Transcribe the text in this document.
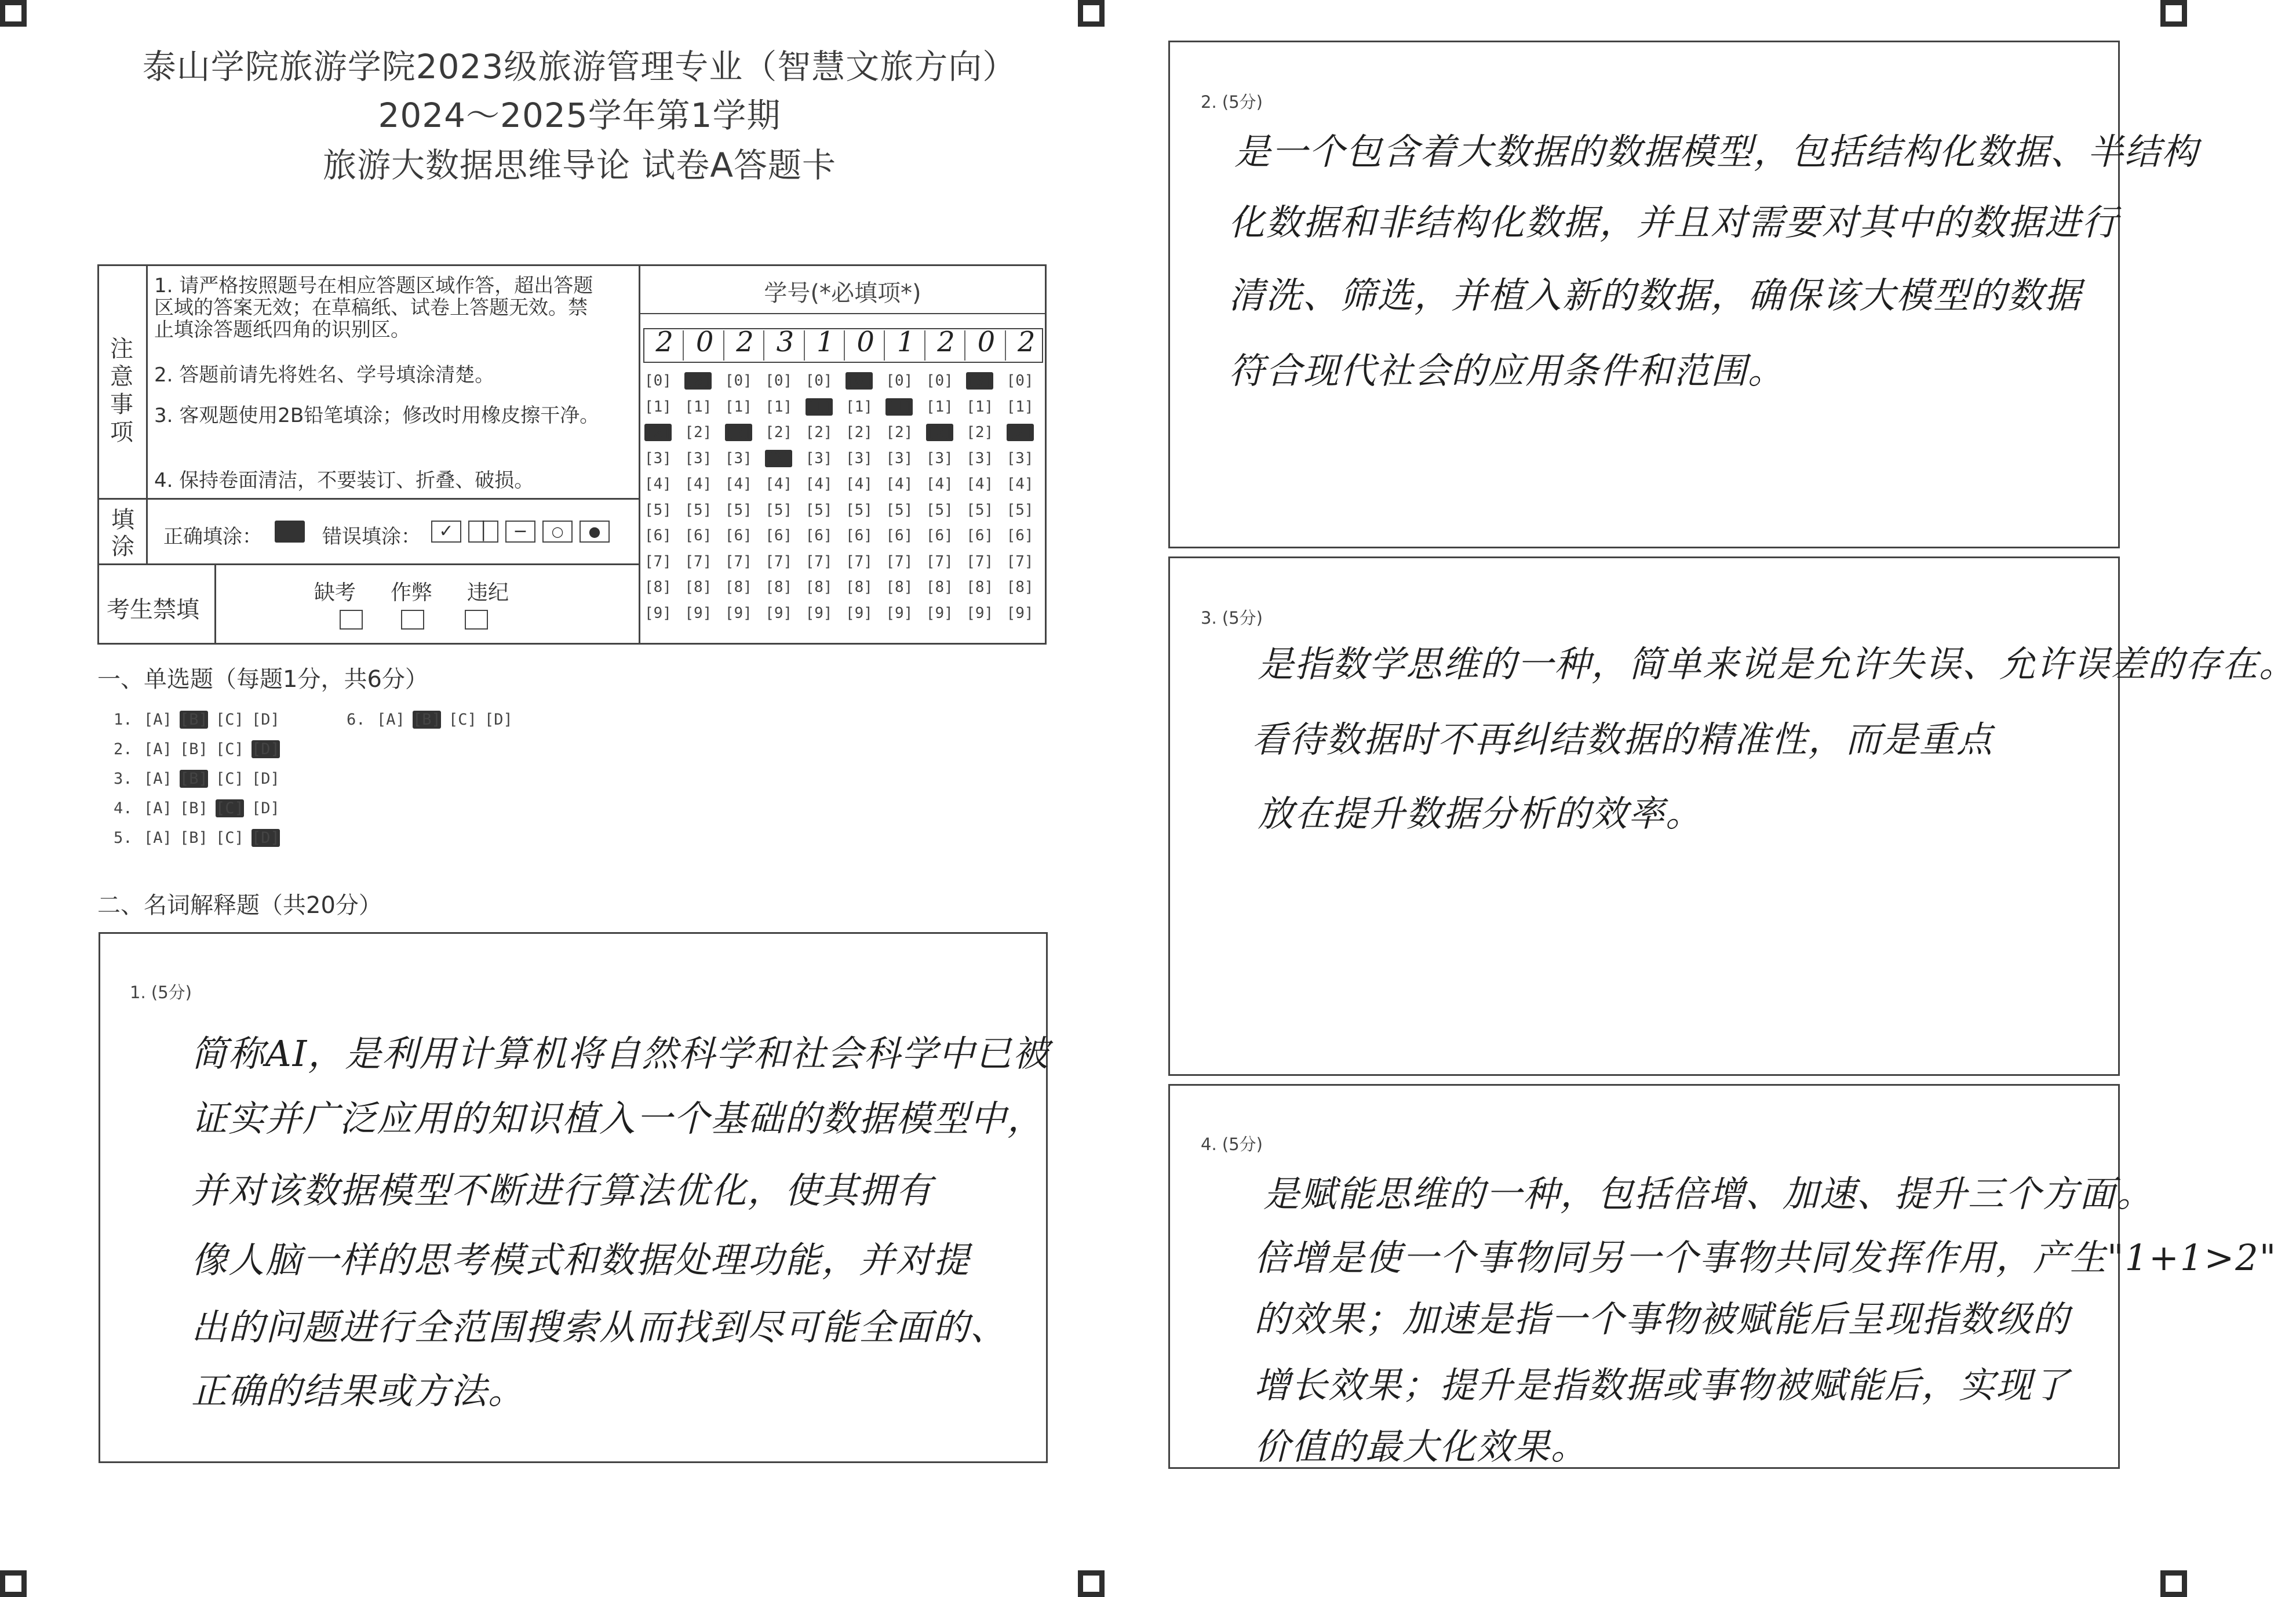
泰山学院旅游学院2023级旅游管理专业（智慧文旅方向）
2024～2025学年第1学期
旅游大数据思维导论 试卷A答题卡
注意事项
1. 请严格按照题号在相应答题区域作答，超出答题区域的答案无效；在草稿纸、试卷上答题无效。禁止填涂答题纸四角的识别区。
2. 答题前请先将姓名、学号填涂清楚。
3. 客观题使用2B铅笔填涂；修改时用橡皮擦干净。
4. 保持卷面清洁，不要装订、折叠、破损。
填涂 正确填涂：	错误填涂：	✓	│	−	○	●
考生禁填
缺考 作弊 违纪
学号(*必填项*)
2 0 2 3 1 0 1 2 0 2
[0] [0] [0] [0] [0] [0] [0] [0] [0] [0]
[1] [1] [1] [1] [1] [1] [1] [1] [1] [1]
[2] [2] [2] [2] [2] [2] [2] [2] [2] [2]
[3] [3] [3] [3] [3] [3] [3] [3] [3] [3]
[4] [4] [4] [4] [4] [4] [4] [4] [4] [4]
[5] [5] [5] [5] [5] [5] [5] [5] [5] [5]
[6] [6] [6] [6] [6] [6] [6] [6] [6] [6]
[7] [7] [7] [7] [7] [7] [7] [7] [7] [7]
[8] [8] [8] [8] [8] [8] [8] [8] [8] [8]
[9] [9] [9] [9] [9] [9] [9] [9] [9] [9]
一、单选题（每题1分，共6分）
1. [A] [B] [C] [D]
2. [A] [B] [C] [D]
3. [A] [B] [C] [D]
4. [A] [B] [C] [D]
5. [A] [B] [C] [D]
6. [A] [B] [C] [D]
二、名词解释题（共20分）
1. (5分)
简称AI，是利用计算机将自然科学和社会科学中已被
证实并广泛应用的知识植入一个基础的数据模型中，
并对该数据模型不断进行算法优化，使其拥有
像人脑一样的思考模式和数据处理功能，并对提
出的问题进行全范围搜索从而找到尽可能全面的、
正确的结果或方法。
2. (5分)
是一个包含着大数据的数据模型，包括结构化数据、半结构
化数据和非结构化数据，并且对需要对其中的数据进行
清洗、筛选，并植入新的数据，确保该大模型的数据
符合现代社会的应用条件和范围。
3. (5分)
是指数学思维的一种，简单来说是允许失误、允许误差的存在。
看待数据时不再纠结数据的精准性，而是重点
放在提升数据分析的效率。
4. (5分)
是赋能思维的一种，包括倍增、加速、提升三个方面。
倍增是使一个事物同另一个事物共同发挥作用，产生"1+1>2"
的效果；加速是指一个事物被赋能后呈现指数级的
增长效果；提升是指数据或事物被赋能后，实现了
价值的最大化效果。
